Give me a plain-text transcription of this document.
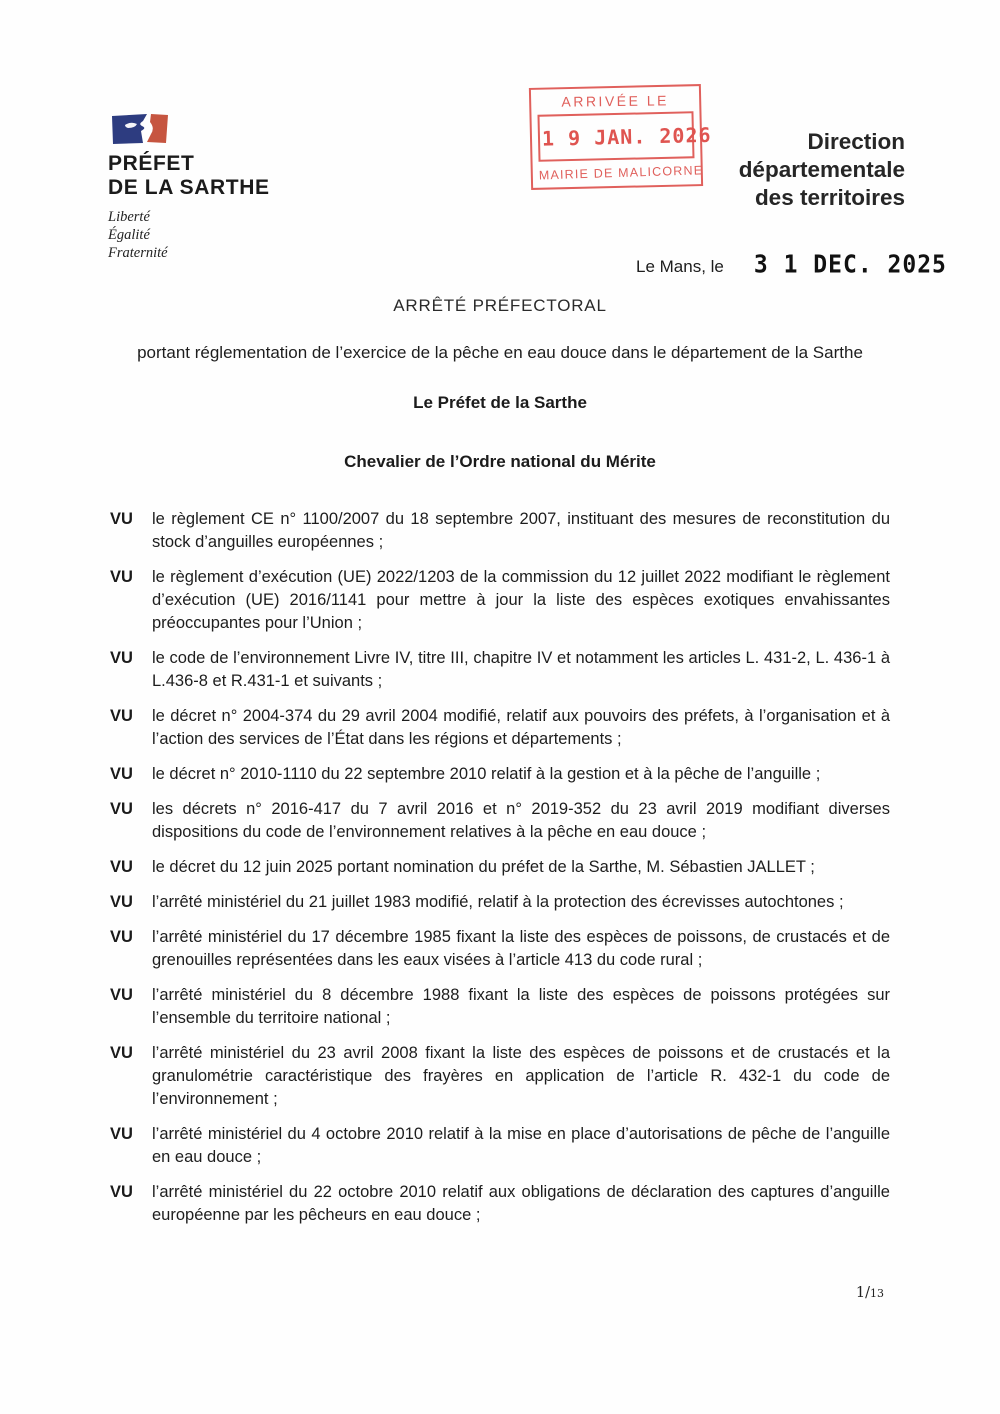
PRÉFET
DE LA SARTHE
Liberté
Égalité
Fraternité
ARRIVÉE LE
1 9 JAN. 2026
MAIRIE DE MALICORNE
Direction
départementale
des territoires
Le Mans, le 3 1 DEC. 2025
ARRÊTÉ PRÉFECTORAL
portant réglementation de l’exercice de la pêche en eau douce dans le département de la Sarthe
Le Préfet de la Sarthe
Chevalier de l’Ordre national du Mérite
VU	le règlement CE n° 1100/2007 du 18 septembre 2007, instituant des mesures de reconstitution du stock d’anguilles européennes ;
VU	le règlement d’exécution (UE) 2022/1203 de la commission du 12 juillet 2022 modifiant le règlement d’exécution (UE) 2016/1141 pour mettre à jour la liste des espèces exotiques envahissantes préoccupantes pour l’Union ;
VU	le code de l’environnement Livre IV, titre III, chapitre IV et notamment les articles L. 431-2, L. 436-1 à L.436-8 et R.431-1 et suivants ;
VU	le décret n° 2004-374 du 29 avril 2004 modifié, relatif aux pouvoirs des préfets, à l’organisation et à l’action des services de l’État dans les régions et départements ;
VU	le décret n° 2010-1110 du 22 septembre 2010 relatif à la gestion et à la pêche de l’anguille ;
VU	les décrets n° 2016-417 du 7 avril 2016 et n° 2019-352 du 23 avril 2019 modifiant diverses dispositions du code de l’environnement relatives à la pêche en eau douce ;
VU	le décret du 12 juin 2025 portant nomination du préfet de la Sarthe, M. Sébastien JALLET ;
VU	l’arrêté ministériel du 21 juillet 1983 modifié, relatif à la protection des écrevisses autochtones ;
VU	l’arrêté ministériel du 17 décembre 1985 fixant la liste des espèces de poissons, de crustacés et de grenouilles représentées dans les eaux visées à l’article 413 du code rural ;
VU	l’arrêté ministériel du 8 décembre 1988 fixant la liste des espèces de poissons protégées sur l’ensemble du territoire national ;
VU	l’arrêté ministériel du 23 avril 2008 fixant la liste des espèces de poissons et de crustacés et la granulométrie caractéristique des frayères en application de l’article R. 432-1 du code de l’environnement ;
VU	l’arrêté ministériel du 4 octobre 2010 relatif à la mise en place d’autorisations de pêche de l’anguille en eau douce ;
VU	l’arrêté ministériel du 22 octobre 2010 relatif aux obligations de déclaration des captures d’anguille européenne par les pêcheurs en eau douce ;
1/13
